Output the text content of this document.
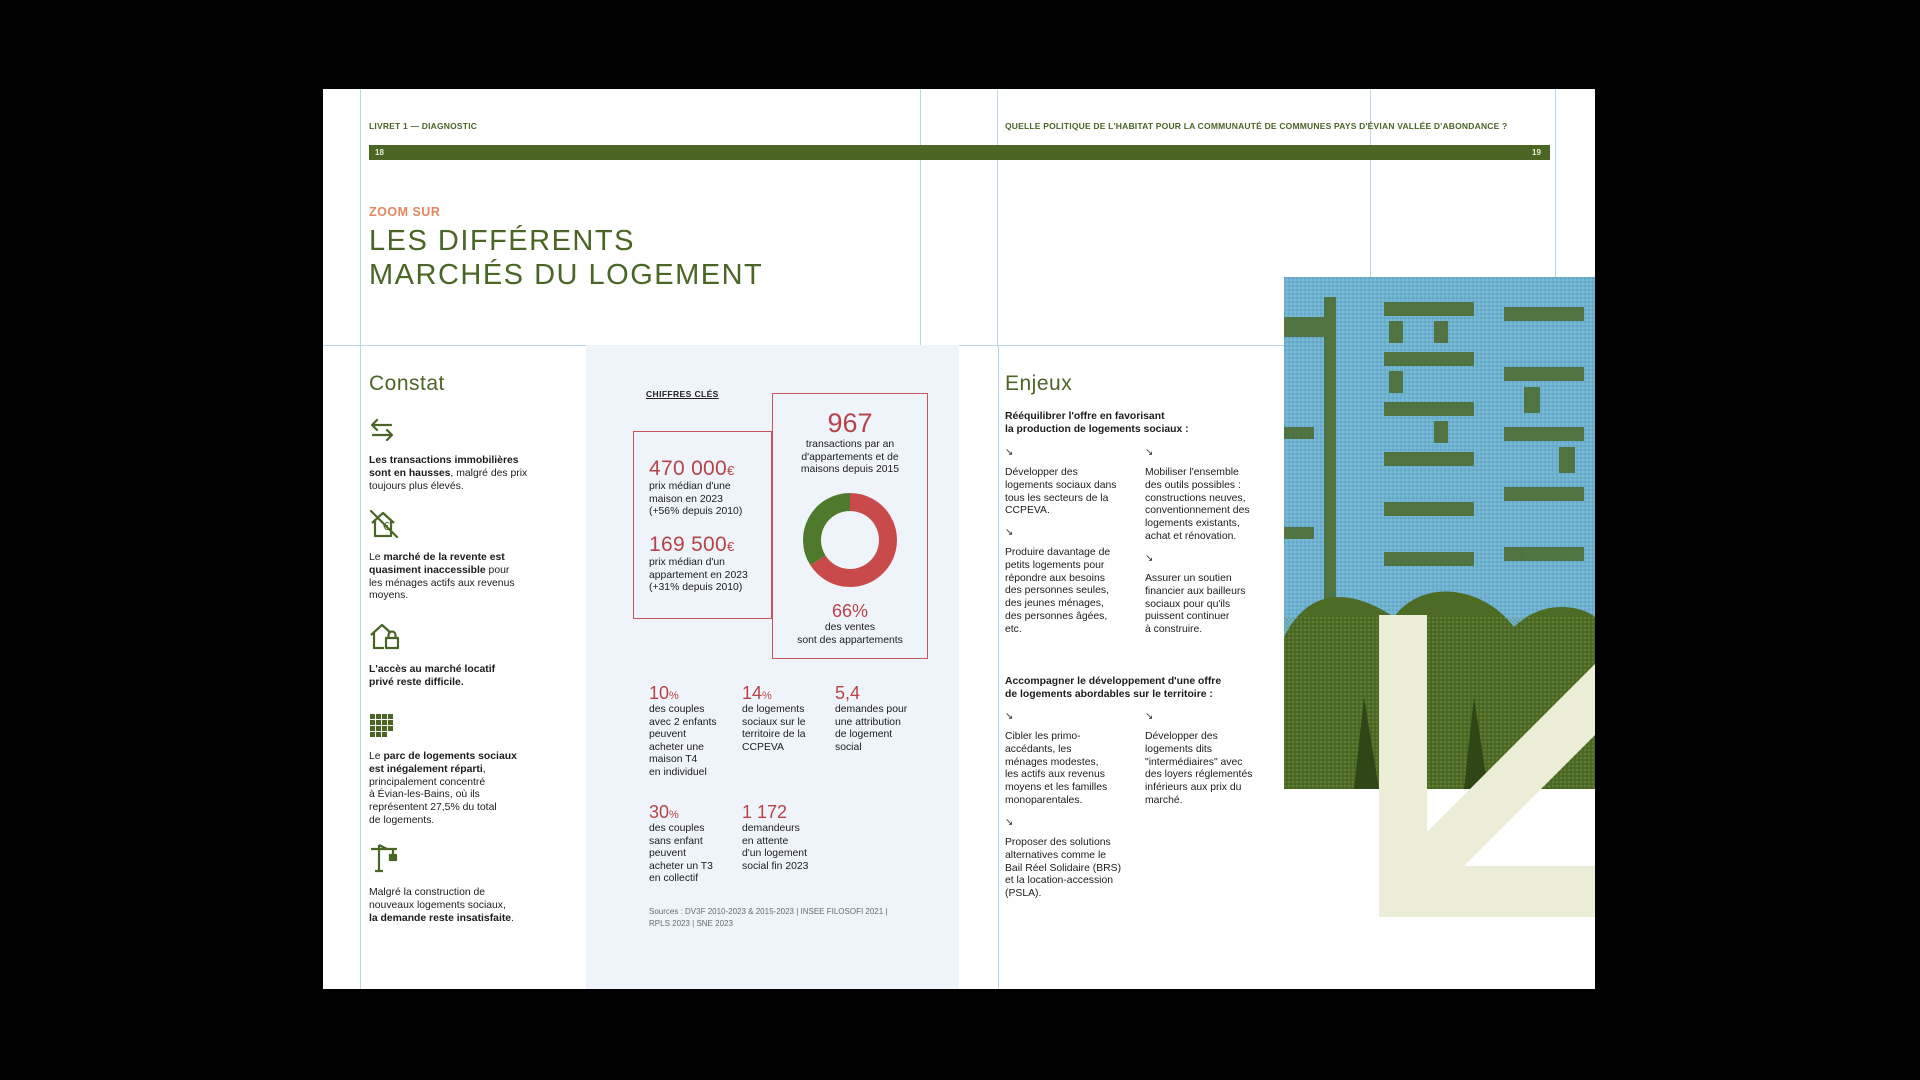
LIVRET 1 — DIAGNOSTIC	QUELLE POLITIQUE DE L'HABITAT POUR LA COMMUNAUTÉ DE COMMUNES PAYS D'ÉVIAN VALLÉE D'ABONDANCE ?
18	19
ZOOM SUR
LES DIFFÉRENTS
MARCHÉS DU LOGEMENT
Constat
Les transactions immobilières
sont en hausses, malgré des prix
toujours plus élevés.
€
Le marché de la revente est
quasiment inaccessible pour
les ménages actifs aux revenus
moyens.
L'accès au marché locatif
privé reste difficile.
Le parc de logements sociaux
est inégalement réparti,
principalement concentré
à Évian-les-Bains, où ils
représentent 27,5% du total
de logements.
Malgré la construction de
nouveaux logements sociaux,
la demande reste insatisfaite.
CHIFFRES CLÉS
470 000€
prix médian d'une
maison en 2023
(+56% depuis 2010)
169 500€
prix médian d'un
appartement en 2023
(+31% depuis 2010)
967
transactions par an
d'appartements et de
maisons depuis 2015
66%
des ventes
sont des appartements
10%
des couples
avec 2 enfants
peuvent
acheter une
maison T4
en individuel
14%
de logements
sociaux sur le
territoire de la
CCPEVA
5,4
demandes pour
une attribution
de logement
social
30%
des couples
sans enfant
peuvent
acheter un T3
en collectif
1 172
demandeurs
en attente
d'un logement
social fin 2023
Sources : DV3F 2010-2023 & 2015-2023 | INSEE FILOSOFI 2021 |
RPLS 2023 | SNE 2023
Enjeux
Rééquilibrer l'offre en favorisant
la production de logements sociaux :
↘
Développer des
logements sociaux dans
tous les secteurs de la
CCPEVA.
↘
Produire davantage de
petits logements pour
répondre aux besoins
des personnes seules,
des jeunes ménages,
des personnes âgées,
etc.
↘
Mobiliser l'ensemble
des outils possibles :
constructions neuves,
conventionnement des
logements existants,
achat et rénovation.
↘
Assurer un soutien
financier aux bailleurs
sociaux pour qu'ils
puissent continuer
à construire.
Accompagner le développement d'une offre
de logements abordables sur le territoire :
↘
Cibler les primo-
accédants, les
ménages modestes,
les actifs aux revenus
moyens et les familles
monoparentales.
↘
Proposer des solutions
alternatives comme le
Bail Réel Solidaire (BRS)
et la location-accession
(PSLA).
↘
Développer des
logements dits
"intermédiaires" avec
des loyers réglementés
inférieurs aux prix du
marché.
